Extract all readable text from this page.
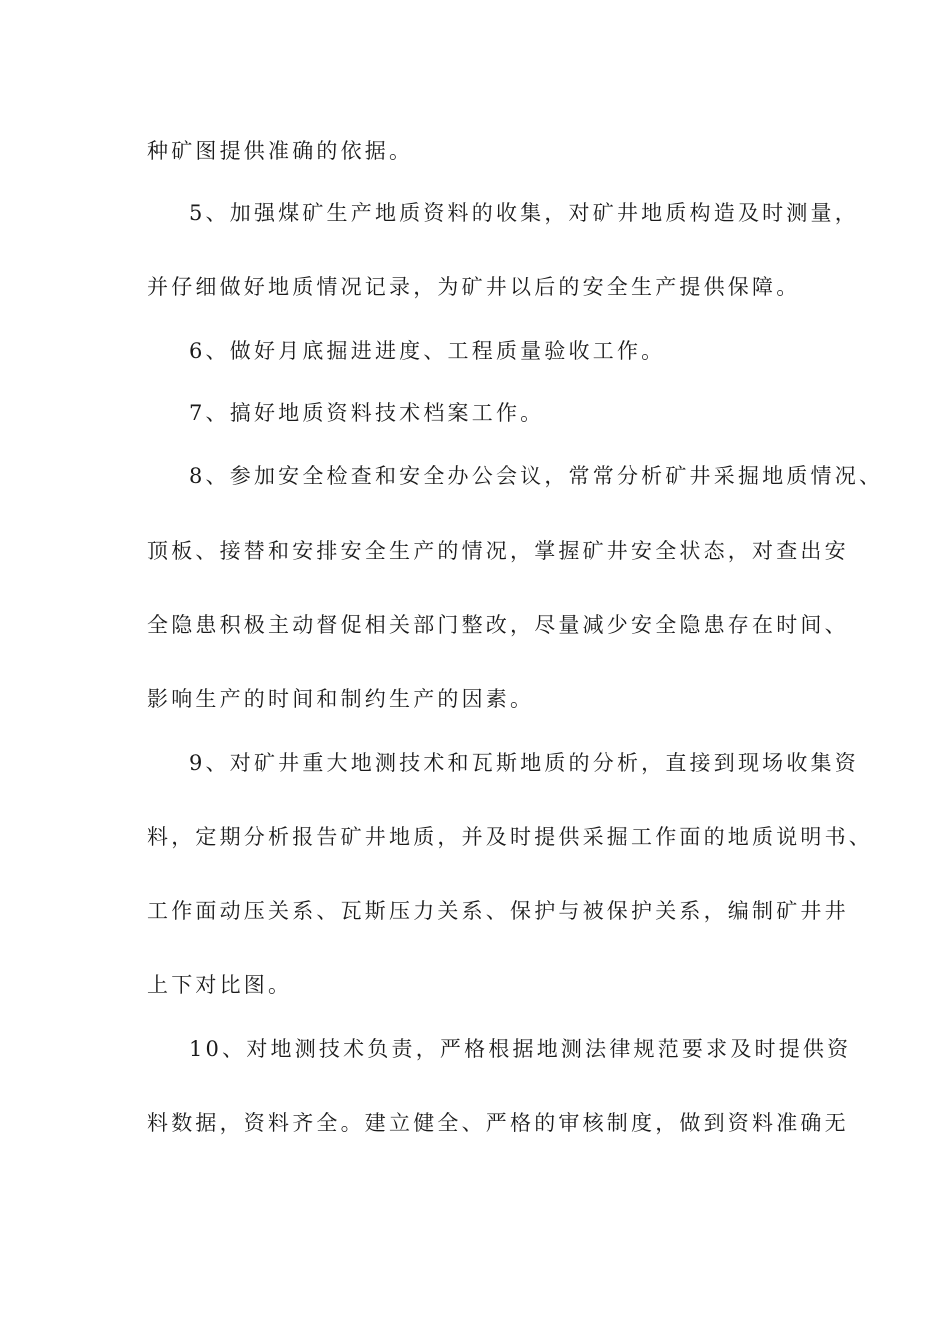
种矿图提供准确的依据。
5、加强煤矿生产地质资料的收集，对矿井地质构造及时测量，
并仔细做好地质情况记录，为矿井以后的安全生产提供保障。
6、做好月底掘进进度、工程质量验收工作。
7、搞好地质资料技术档案工作。
8、参加安全检查和安全办公会议，常常分析矿井采掘地质情况、
顶板、接替和安排安全生产的情况，掌握矿井安全状态，对查出安
全隐患积极主动督促相关部门整改，尽量减少安全隐患存在时间、
影响生产的时间和制约生产的因素。
9、对矿井重大地测技术和瓦斯地质的分析，直接到现场收集资
料，定期分析报告矿井地质，并及时提供采掘工作面的地质说明书、
工作面动压关系、瓦斯压力关系、保护与被保护关系，编制矿井井
上下对比图。
10、对地测技术负责，严格根据地测法律规范要求及时提供资
料数据，资料齐全。建立健全、严格的审核制度，做到资料准确无
